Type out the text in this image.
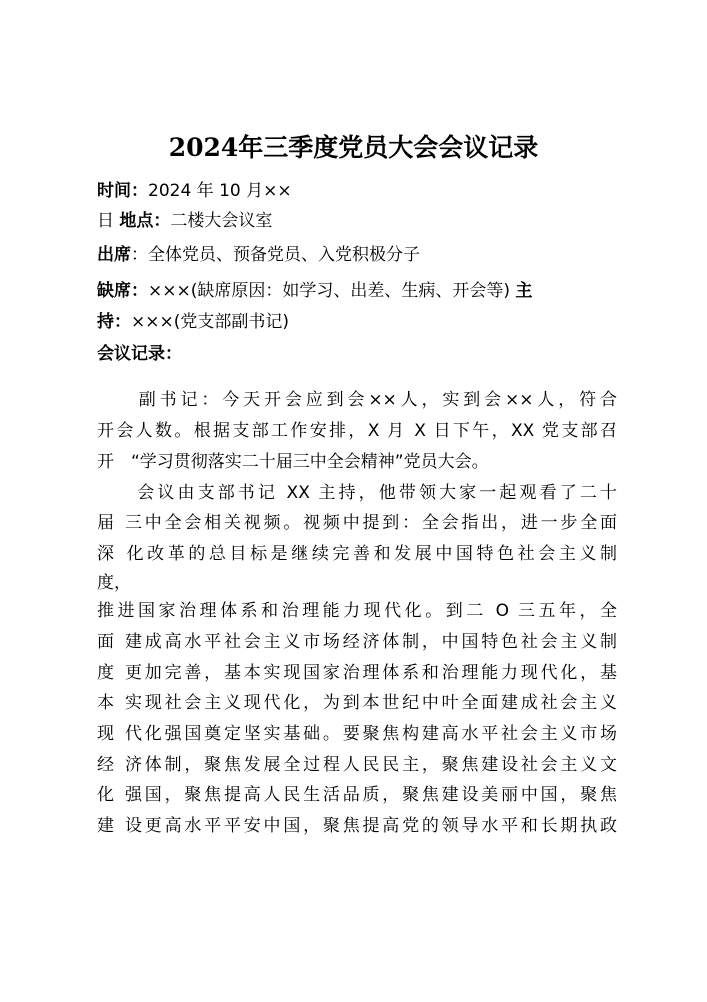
2024年三季度党员大会会议记录

时间：2024 年 10 月××

日 地点：二楼大会议室

出席：全体党员、预备党员、入党积极分子

缺席：×××(缺席原因：如学习、出差、生病、开会等) 主

持：×××(党支部副书记)

会议记录：

　　副书记：今天开会应到会××人，实到会××人，符合

开会人数。根据支部工作安排，X 月 X 日下午，XX 党支部召

开　“学习贯彻落实二十届三中全会精神”党员大会。

　　会议由支部书记 XX 主持，他带领大家一起观看了二十

届 三中全会相关视频。视频中提到：全会指出，进一步全面

深 化改革的总目标是继续完善和发展中国特色社会主义制

度，

推进国家治理体系和治理能力现代化。到二 O 三五年，全

面 建成高水平社会主义市场经济体制，中国特色社会主义制

度 更加完善，基本实现国家治理体系和治理能力现代化，基

本 实现社会主义现代化，为到本世纪中叶全面建成社会主义

现 代化强国奠定坚实基础。要聚焦构建高水平社会主义市场

经 济体制，聚焦发展全过程人民民主，聚焦建设社会主义文

化 强国，聚焦提高人民生活品质，聚焦建设美丽中国，聚焦

建 设更高水平平安中国，聚焦提高党的领导水平和长期执政
